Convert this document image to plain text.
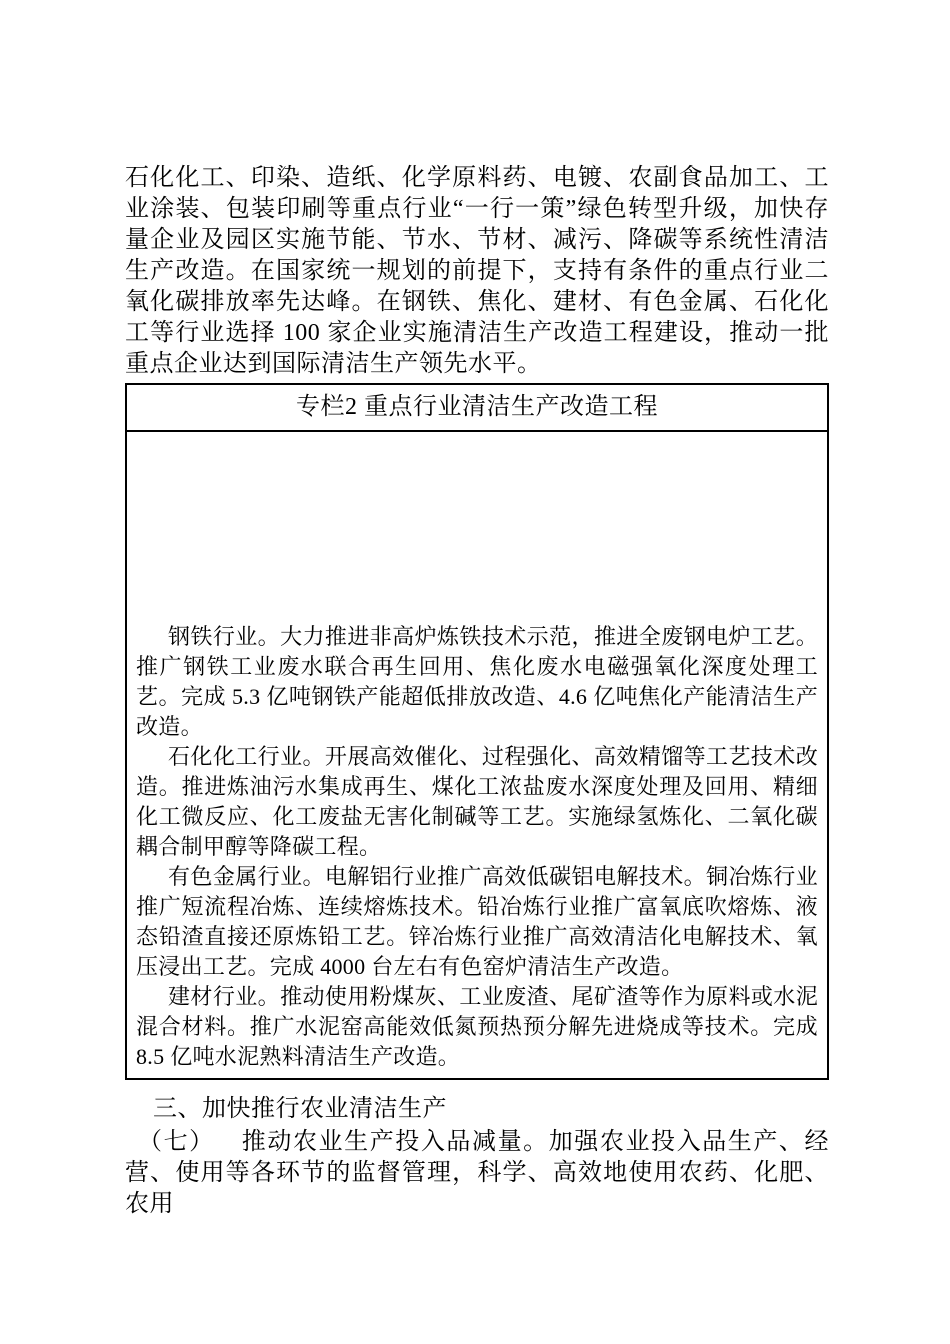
石化化工、印染、造纸、化学原料药、电镀、农副食品加工、工业涂装、包装印刷等重点行业“一行一策”绿色转型升级，加快存量企业及园区实施节能、节水、节材、减污、降碳等系统性清洁生产改造。在国家统一规划的前提下，支持有条件的重点行业二氧化碳排放率先达峰。在钢铁、焦化、建材、有色金属、石化化工等行业选择 100 家企业实施清洁生产改造工程建设，推动一批重点企业达到国际清洁生产领先水平。

专栏2 重点行业清洁生产改造工程

钢铁行业。大力推进非高炉炼铁技术示范，推进全废钢电炉工艺。推广钢铁工业废水联合再生回用、焦化废水电磁强氧化深度处理工艺。完成 5.3 亿吨钢铁产能超低排放改造、4.6 亿吨焦化产能清洁生产改造。

石化化工行业。开展高效催化、过程强化、高效精馏等工艺技术改造。推进炼油污水集成再生、煤化工浓盐废水深度处理及回用、精细化工微反应、化工废盐无害化制碱等工艺。实施绿氢炼化、二氧化碳耦合制甲醇等降碳工程。

有色金属行业。电解铝行业推广高效低碳铝电解技术。铜冶炼行业推广短流程冶炼、连续熔炼技术。铅冶炼行业推广富氧底吹熔炼、液态铅渣直接还原炼铅工艺。锌冶炼行业推广高效清洁化电解技术、氧压浸出工艺。完成 4000 台左右有色窑炉清洁生产改造。

建材行业。推动使用粉煤灰、工业废渣、尾矿渣等作为原料或水泥混合材料。推广水泥窑高能效低氮预热预分解先进烧成等技术。完成 8.5 亿吨水泥熟料清洁生产改造。

三、加快推行农业清洁生产

（七） 推动农业生产投入品减量。加强农业投入品生产、经营、使用等各环节的监督管理，科学、高效地使用农药、化肥、农用
